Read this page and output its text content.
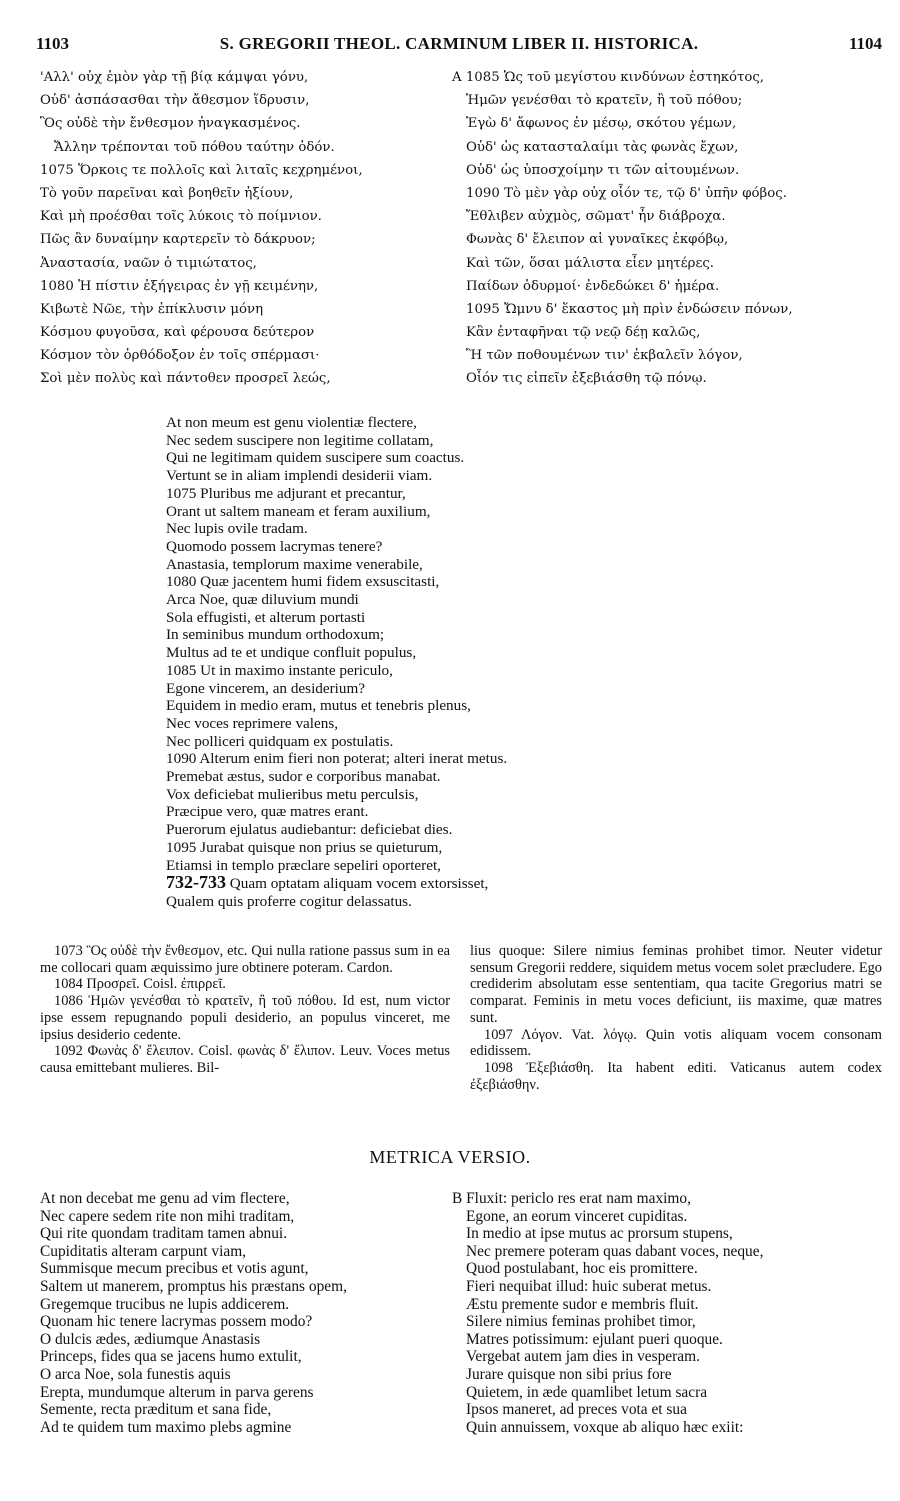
1103	S. GREGORII THEOL. CARMINUM LIBER II. HISTORICA.	1104
'Αλλ' οὐχ ἐμὸν γὰρ τῇ βίᾳ κάμψαι γόνυ,
Οὐδ' ἀσπάσασθαι τὴν ἄθεσμον ἵδρυσιν,
Ὃς οὐδὲ τὴν ἔνθεσμον ἠναγκασμένος.
Ἄλλην τρέπονται τοῦ πόθου ταύτην ὁδόν.
1075 Ὅρκοις τε πολλοῖς καὶ λιταῖς κεχρημένοι,
Τὸ γοῦν παρεῖναι καὶ βοηθεῖν ἠξίουν,
Καὶ μὴ προέσθαι τοῖς λύκοις τὸ ποίμνιον.
Πῶς ἂν δυναίμην καρτερεῖν τὸ δάκρυον;
Ἀναστασία, ναῶν ὁ τιμιώτατος,
1080 Ἡ πίστιν ἐξήγειρας ἐν γῇ κειμένην,
Κιβωτὲ Νῶε, τὴν ἐπίκλυσιν μόνη
Κόσμου φυγοῦσα, καὶ φέρουσα δεύτερον
Κόσμον τὸν ὀρθόδοξον ἐν τοῖς σπέρμασι·
Σοὶ μὲν πολὺς καὶ πάντοθεν προσρεῖ λεώς,
A 1085 Ὡς τοῦ μεγίστου κινδύνων ἑστηκότος,
Ἡμῶν γενέσθαι τὸ κρατεῖν, ἢ τοῦ πόθου;
Ἐγὼ δ' ἄφωνος ἐν μέσῳ, σκότου γέμων,
Οὐδ' ὡς κατασταλαίμι τὰς φωνὰς ἔχων,
Οὐδ' ὡς ὑποσχοίμην τι τῶν αἰτουμένων.
1090 Τὸ μὲν γὰρ οὐχ οἷόν τε, τῷ δ' ὑπῆν φόβος.
Ἔθλιβεν αὐχμὸς, σῶματ' ἦν διάβροχα.
Φωνὰς δ' ἔλειπον αἱ γυναῖκες ἐκφόβῳ,
Καὶ τῶν, ὅσαι μάλιστα εἶεν μητέρες.
Παίδων ὀδυρμοί· ἐνδεδώκει δ' ἡμέρα.
1095 Ὤμνυ δ' ἕκαστος μὴ πρὶν ἐνδώσειν πόνων,
Κἂν ἐνταφῆναι τῷ νεῷ δέῃ καλῶς,
Ἢ τῶν ποθουμένων τιν' ἐκβαλεῖν λόγον,
Οἷόν τις εἰπεῖν ἐξεβιάσθη τῷ πόνῳ.
At non meum est genu violentiæ flectere,
Nec sedem suscipere non legitime collatam,
Qui ne legitimam quidem suscipere sum coactus.
Vertunt se in aliam implendi desiderii viam.
1075 Pluribus me adjurant et precantur,
Orant ut saltem maneam et feram auxilium,
Nec lupis ovile tradam.
Quomodo possem lacrymas tenere?
Anastasia, templorum maxime venerabile,
1080 Quæ jacentem humi fidem exsuscitasti,
Arca Noe, quæ diluvium mundi
Sola effugisti, et alterum portasti
In seminibus mundum orthodoxum;
Multus ad te et undique confluit populus,
1085 Ut in maximo instante periculo,
Egone vincerem, an desiderium?
Equidem in medio eram, mutus et tenebris plenus,
Nec voces reprimere valens,
Nec polliceri quidquam ex postulatis.
1090 Alterum enim fieri non poterat; alteri inerat metus.
Premebat æstus, sudor e corporibus manabat.
Vox deficiebat mulieribus metu perculsis,
Præcipue vero, quæ matres erant.
Puerorum ejulatus audiebantur: deficiebat dies.
1095 Jurabat quisque non prius se quieturum,
Etiamsi in templo præclare sepeliri oporteret,
732-733 Quam optatam aliquam vocem extorsisset,
Qualem quis proferre cogitur delassatus.

1073 Ὃς οὐδὲ τὴν ἔνθεσμον, etc. Qui nulla ratione passus sum in ea me collocari quam æquissimo jure obtinere poteram. Cardon.

1084 Προσρεῖ. Coisl. ἐπιρρεῖ.

1086 Ἡμῶν γενέσθαι τὸ κρατεῖν, ἢ τοῦ πόθου. Id est, num victor ipse essem repugnando populi desiderio, an populus vinceret, me ipsius desiderio cedente.

1092 Φωνὰς δ' ἔλειπον. Coisl. φωνὰς δ' ἔλιπον. Leuv. Voces metus causa emittebant mulieres. Bil-

lius quoque: Silere nimius feminas prohibet timor. Neuter videtur sensum Gregorii reddere, siquidem metus vocem solet præcludere. Ego crediderim absolutam esse sententiam, qua tacite Gregorius matri se comparat. Feminis in metu voces deficiunt, iis maxime, quæ matres sunt.

1097 Λόγον. Vat. λόγῳ. Quin votis aliquam vocem consonam edidissem.

1098 Ἐξεβιάσθη. Ita habent editi. Vaticanus autem codex ἐξεβιάσθην.

METRICA VERSIO.
At non decebat me genu ad vim flectere,
Nec capere sedem rite non mihi traditam,
Qui rite quondam traditam tamen abnui.
Cupiditatis alteram carpunt viam,
Summisque mecum precibus et votis agunt,
Saltem ut manerem, promptus his præstans opem,
Gregemque trucibus ne lupis addicerem.
Quonam hic tenere lacrymas possem modo?
O dulcis ædes, ædiumque Anastasis
Princeps, fides qua se jacens humo extulit,
O arca Noe, sola funestis aquis
Erepta, mundumque alterum in parva gerens
Semente, recta præditum et sana fide,
Ad te quidem tum maximo plebs agmine
B Fluxit: periclo res erat nam maximo,
Egone, an eorum vinceret cupiditas.
In medio at ipse mutus ac prorsum stupens,
Nec premere poteram quas dabant voces, neque,
Quod postulabant, hoc eis promittere.
Fieri nequibat illud: huic suberat metus.
Æstu premente sudor e membris fluit.
Silere nimius feminas prohibet timor,
Matres potissimum: ejulant pueri quoque.
Vergebat autem jam dies in vesperam.
Jurare quisque non sibi prius fore
Quietem, in æde quamlibet letum sacra
Ipsos maneret, ad preces vota et sua
Quin annuissem, voxque ab aliquo hæc exiit:
